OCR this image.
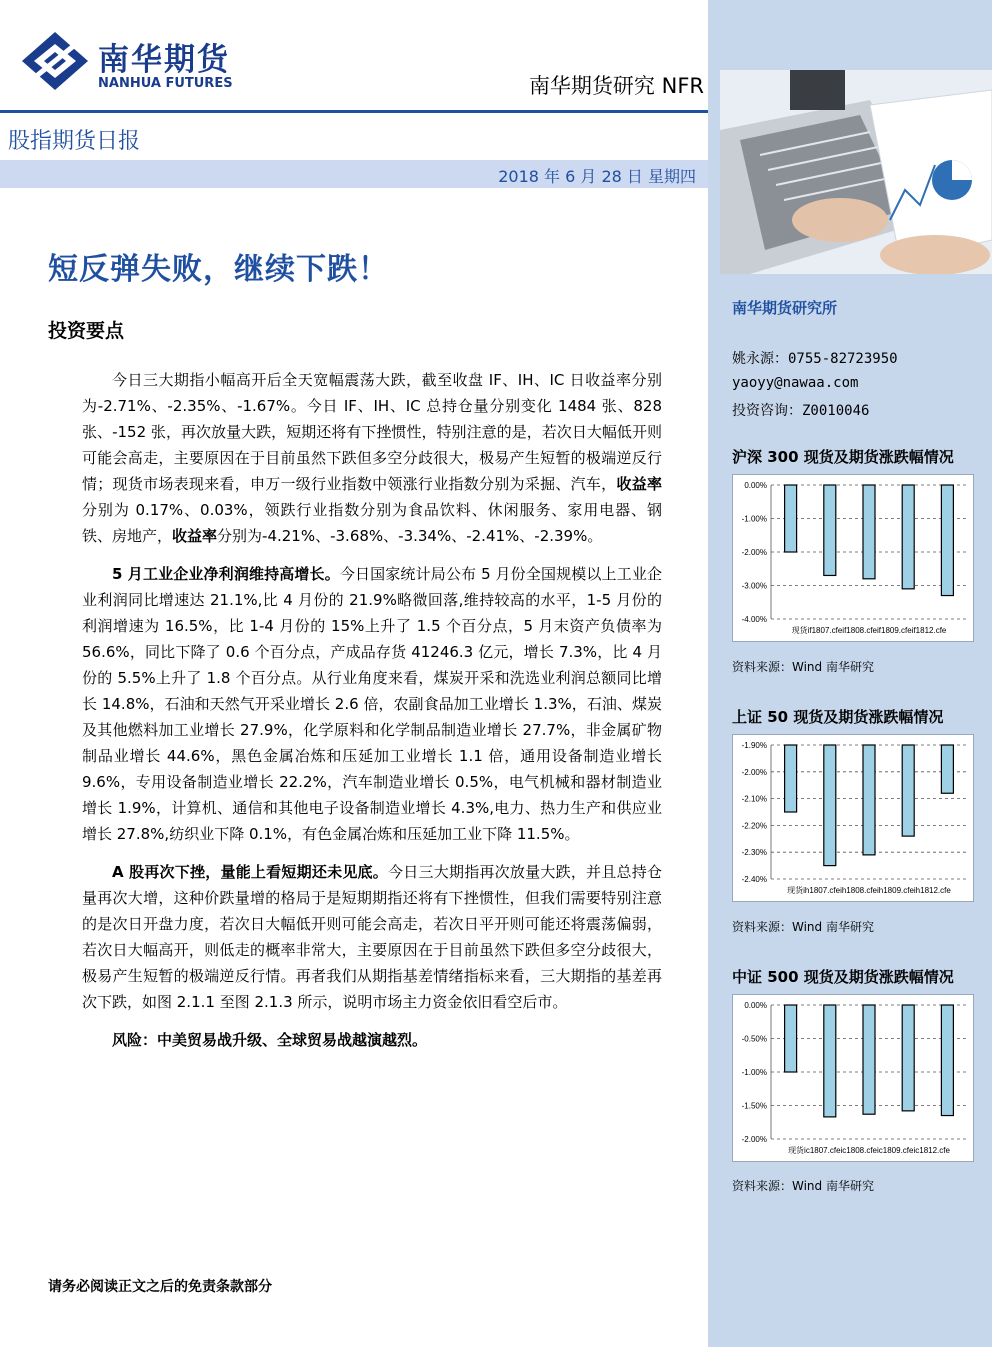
南华期货
NANHUA FUTURES	南华期货研究 NFR
股指期货日报
2018 年 6 月 28 日 星期四
短反弹失败，继续下跌！
投资要点

今日三大期指小幅高开后全天宽幅震荡大跌，截至收盘 IF、IH、IC 日收益率分别为-2.71%、-2.35%、-1.67%。今日 IF、IH、IC 总持仓量分别变化 1484 张、828 张、-152 张，再次放量大跌，短期还将有下挫惯性，特别注意的是，若次日大幅低开则可能会高走，主要原因在于目前虽然下跌但多空分歧很大，极易产生短暂的极端逆反行情；现货市场表现来看，申万一级行业指数中领涨行业指数分别为采掘、汽车，收益率分别为 0.17%、0.03%，领跌行业指数分别为食品饮料、休闲服务、家用电器、钢铁、房地产，收益率分别为-4.21%、-3.68%、-3.34%、-2.41%、-2.39%。

5 月工业企业净利润维持高增长。今日国家统计局公布 5 月份全国规模以上工业企业利润同比增速达 21.1%,比 4 月份的 21.9%略微回落,维持较高的水平，1-5 月份的利润增速为 16.5%，比 1-4 月份的 15%上升了 1.5 个百分点，5 月末资产负债率为 56.6%，同比下降了 0.6 个百分点，产成品存货 41246.3 亿元，增长 7.3%，比 4 月份的 5.5%上升了 1.8 个百分点。从行业角度来看，煤炭开采和洗选业利润总额同比增长 14.8%，石油和天然气开采业增长 2.6 倍，农副食品加工业增长 1.3%，石油、煤炭及其他燃料加工业增长 27.9%，化学原料和化学制品制造业增长 27.7%，非金属矿物制品业增长 44.6%，黑色金属冶炼和压延加工业增长 1.1 倍，通用设备制造业增长 9.6%，专用设备制造业增长 22.2%，汽车制造业增长 0.5%，电气机械和器材制造业增长 1.9%，计算机、通信和其他电子设备制造业增长 4.3%,电力、热力生产和供应业增长 27.8%,纺织业下降 0.1%，有色金属冶炼和压延加工业下降 11.5%。

A 股再次下挫，量能上看短期还未见底。今日三大期指再次放量大跌，并且总持仓量再次大增，这种价跌量增的格局于是短期期指还将有下挫惯性，但我们需要特别注意的是次日开盘力度，若次日大幅低开则可能会高走，若次日平开则可能还将震荡偏弱，若次日大幅高开，则低走的概率非常大，主要原因在于目前虽然下跌但多空分歧很大，极易产生短暂的极端逆反行情。再者我们从期指基差情绪指标来看，三大期指的基差再次下跌，如图 2.1.1 至图 2.1.3 所示，说明市场主力资金依旧看空后市。

风险：中美贸易战升级、全球贸易战越演越烈。

请务必阅读正文之后的免责条款部分
南华期货研究所
姚永源：0755-82723950
yaoyy@nawaa.com
投资咨询：Z0010046
沪深 300 现货及期货涨跌幅情况
0.00%
-1.00%
-2.00%
-3.00%
-4.00%
现货if1807.cfeif1808.cfeif1809.cfeif1812.cfe
资料来源：Wind 南华研究
上证 50 现货及期货涨跌幅情况
-1.90%
-2.00%
-2.10%
-2.20%
-2.30%
-2.40%
现货ih1807.cfeih1808.cfeih1809.cfeih1812.cfe
资料来源：Wind 南华研究
中证 500 现货及期货涨跌幅情况
0.00%
-0.50%
-1.00%
-1.50%
-2.00%
现货ic1807.cfeic1808.cfeic1809.cfeic1812.cfe
资料来源：Wind 南华研究
